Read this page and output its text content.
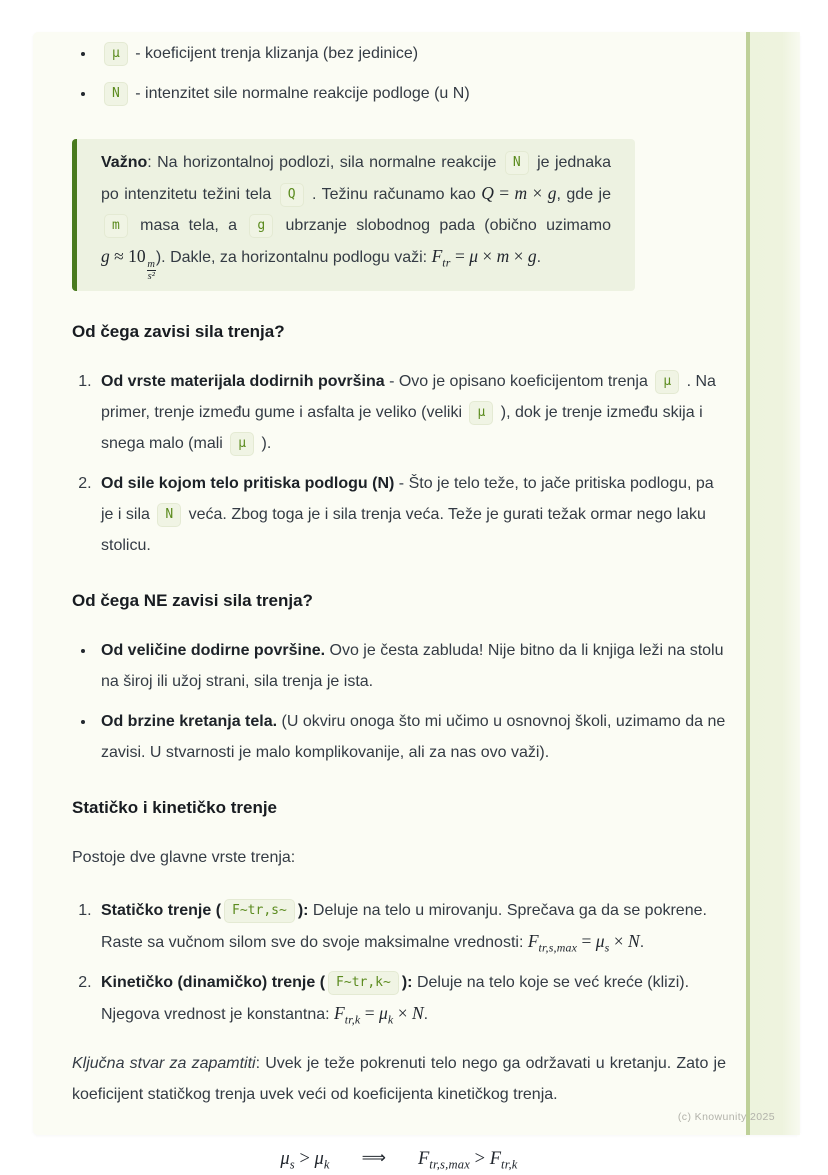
• μ - koeficijent trenja klizanja (bez jedinice)
• N - intenzitet sile normalne reakcije podloge (u N)
Važno: Na horizontalnoj podlozi, sila normalne reakcije N je jednaka po intenzitetu težini tela Q . Težinu računamo kao Q = m × g, gde je m masa tela, a g ubrzanje slobodnog pada (obično uzimamo g ≈ 10
$\frac{m}{\text{s²}}$
). Dakle, za horizontalnu podlogu važi: $F_{tr} = \mu \times m \times g$.
Od čega zavisi sila trenja?
1. Od vrste materijala dodirnih površina - Ovo je opisano koeficijentom trenja μ . Na primer, trenje između gume i asfalta je veliko (veliki μ ), dok je trenje između skija i snega malo (mali μ ).
2. Od sile kojom telo pritiska podlogu (N) - Što je telo teže, to jače pritiska podlogu, pa je i sila N veća. Zbog toga je i sila trenja veća. Teže je gurati težak ormar nego laku stolicu.
Od čega NE zavisi sila trenja?
• Od veličine dodirne površine. Ovo je česta zabluda! Nije bitno da li knjiga leži na stolu na široj ili užoj strani, sila trenja je ista.
• Od brzine kretanja tela. (U okviru onoga što mi učimo u osnovnoj školi, uzimamo da ne zavisi. U stvarnosti je malo komplikovanije, ali za nas ovo važi).
Statičko i kinetičko trenje

Postoje dve glavne vrste trenja:

1. Statičko trenje ( F~tr,s~ ): Deluje na telo u mirovanju. Sprečava ga da se pokrene. Raste sa vučnom silom sve do svoje maksimalne vrednosti: $F_{tr,s,max} = \mu_s \times N$.
2. Kinetičko (dinamičko) trenje ( F~tr,k~ ): Deluje na telo koje se već kreće (klizi). Njegova vrednost je konstantna: $F_{tr,k} = \mu_k \times N$.

Ključna stvar za zapamtiti: Uvek je teže pokrenuti telo nego ga održavati u kretanju. Zato je koeficijent statičkog trenja uvek veći od koeficijenta kinetičkog trenja.

$\mu_s > \mu_k$ ⟹ $F_{tr,s,max} > F_{tr,k}$
(c) Knowunity 2025
